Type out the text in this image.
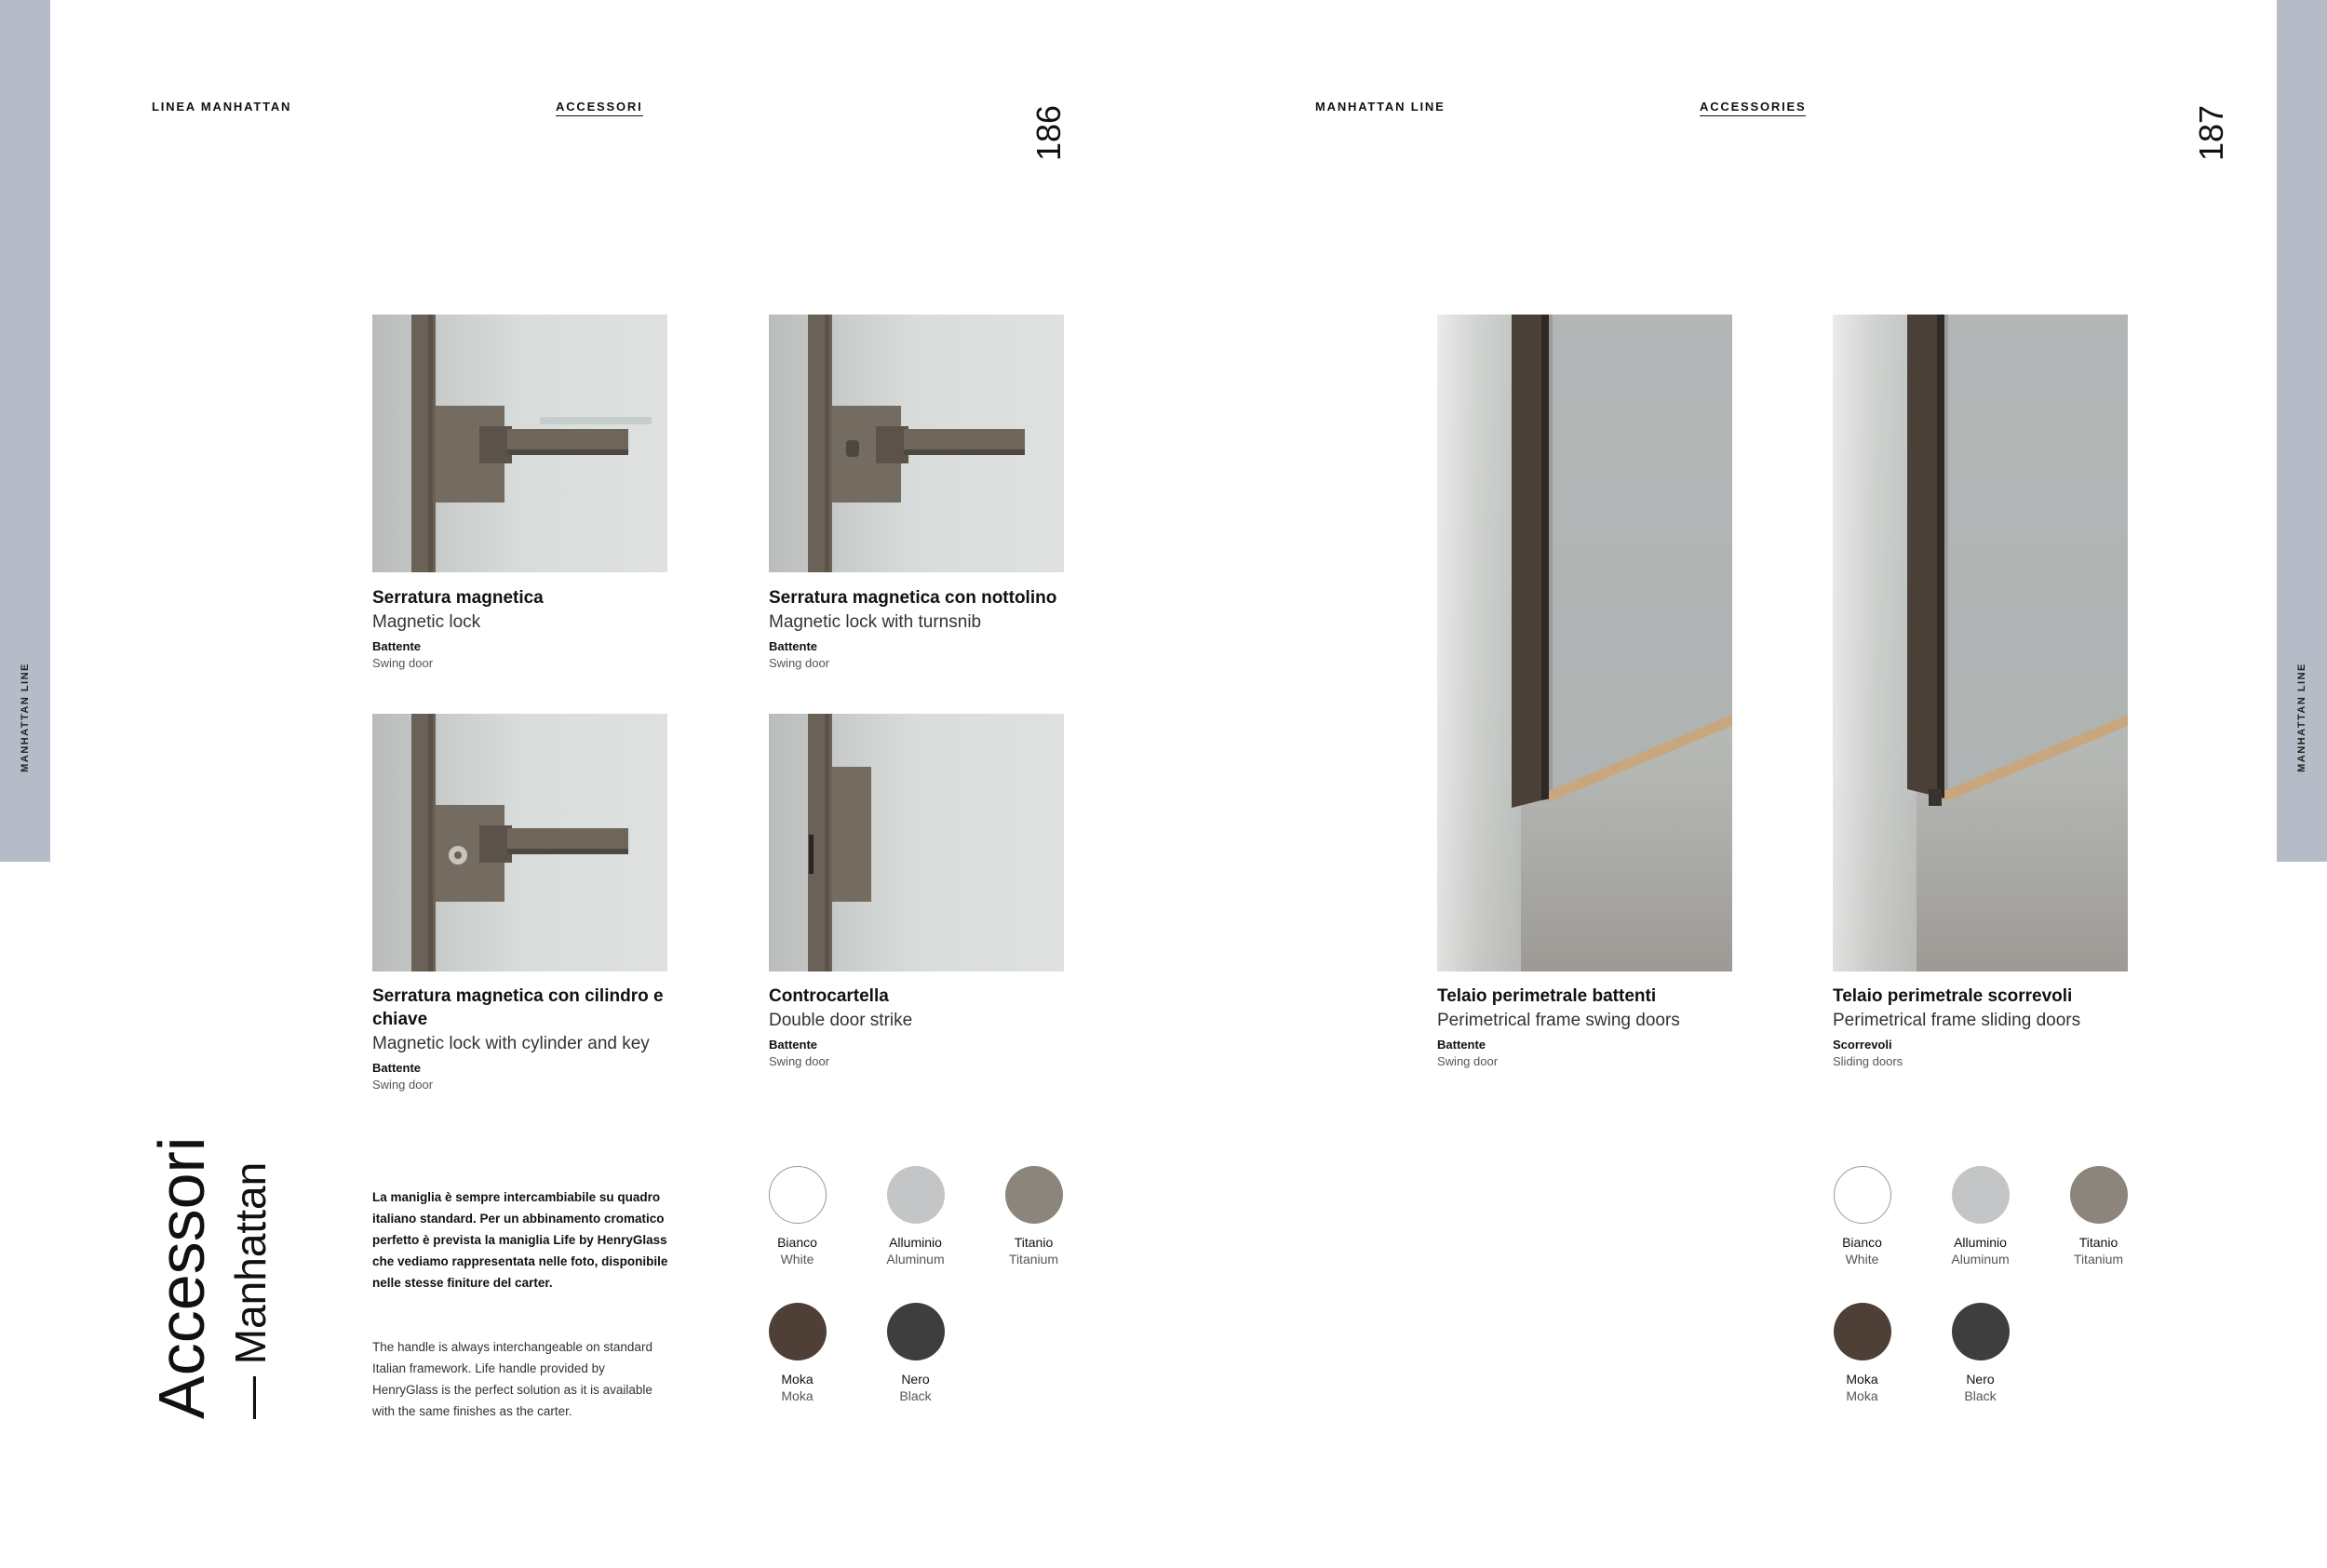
MANHATTAN LINE	MANHATTAN LINE
LINEA MANHATTAN	ACCESSORI	186	MANHATTAN LINE	ACCESSORIES	187
Serratura magnetica
Magnetic lock
Battente
Swing door
Serratura magnetica con nottolino
Magnetic lock with turnsnib
Battente
Swing door
Serratura magnetica con cilindro e chiave
Magnetic lock with cylinder and key
Battente
Swing door
Controcartella
Double door strike
Battente
Swing door
Telaio perimetrale battenti
Perimetrical frame swing doors
Battente
Swing door
Telaio perimetrale scorrevoli
Perimetrical frame sliding doors
Scorrevoli
Sliding doors
Accessori — Manhattan	La maniglia è sempre intercambiabile su quadro italiano standard. Per un abbinamento cromatico perfetto è prevista la maniglia Life by HenryGlass che vediamo rappresentata nelle foto, disponibile nelle stesse finiture del carter.
The handle is always interchangeable on standard Italian framework. Life handle provided by HenryGlass is the perfect solution as it is available with the same finishes as the carter.
Bianco
White
Alluminio
Aluminum
Titanio
Titanium
Moka
Moka
Nero
Black
Bianco
White
Alluminio
Aluminum
Titanio
Titanium
Moka
Moka
Nero
Black
